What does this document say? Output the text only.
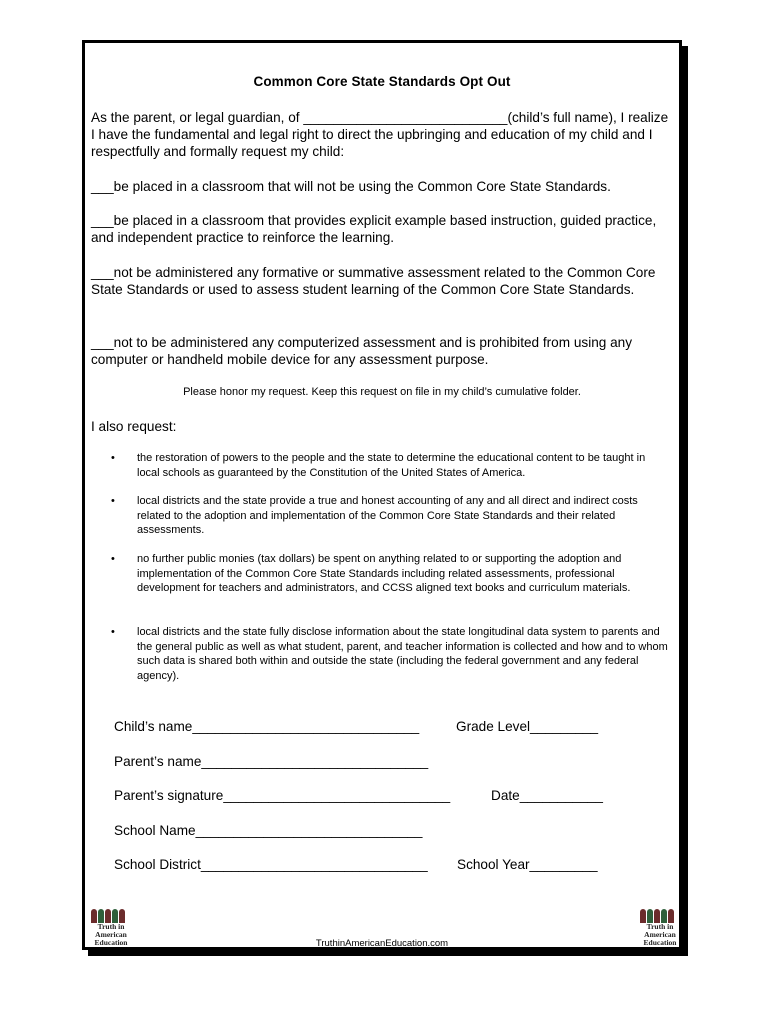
Common Core State Standards Opt Out

As the parent, or legal guardian, of ___________________________(child’s full name), I realize I have the fundamental and legal right to direct the upbringing and education of my child and I respectfully and formally request my child:

___be placed in a classroom that will not be using the Common Core State Standards.

___be placed in a classroom that provides explicit example based instruction, guided practice, and independent practice to reinforce the learning.

___not be administered any formative or summative assessment related to the Common Core State Standards or used to assess student learning of the Common Core State Standards.

___not to be administered any computerized assessment and is prohibited from using any computer or handheld mobile device for any assessment purpose.

Please honor my request. Keep this request on file in my child’s cumulative folder.
I also request:
• the restoration of powers to the people and the state to determine the educational content to be taught in local schools as guaranteed by the Constitution of the United States of America.
• local districts and the state provide a true and honest accounting of any and all direct and indirect costs related to the adoption and implementation of the Common Core State Standards and their related assessments.
• no further public monies (tax dollars) be spent on anything related to or supporting the adoption and implementation of the Common Core State Standards including related assessments, professional development for teachers and administrators, and CCSS aligned text books and curriculum materials.
• local districts and the state fully disclose information about the state longitudinal data system to parents and the general public as well as what student, parent, and teacher information is collected and how and to whom such data is shared both within and outside the state (including the federal government and any federal agency).
Child’s name______________________________	Grade Level_________
Parent’s name______________________________
Parent’s signature______________________________	Date___________
School Name______________________________
School District______________________________ School Year_________
Truth in
American
Education
Truth in
American
Education
TruthinAmericanEducation.com
